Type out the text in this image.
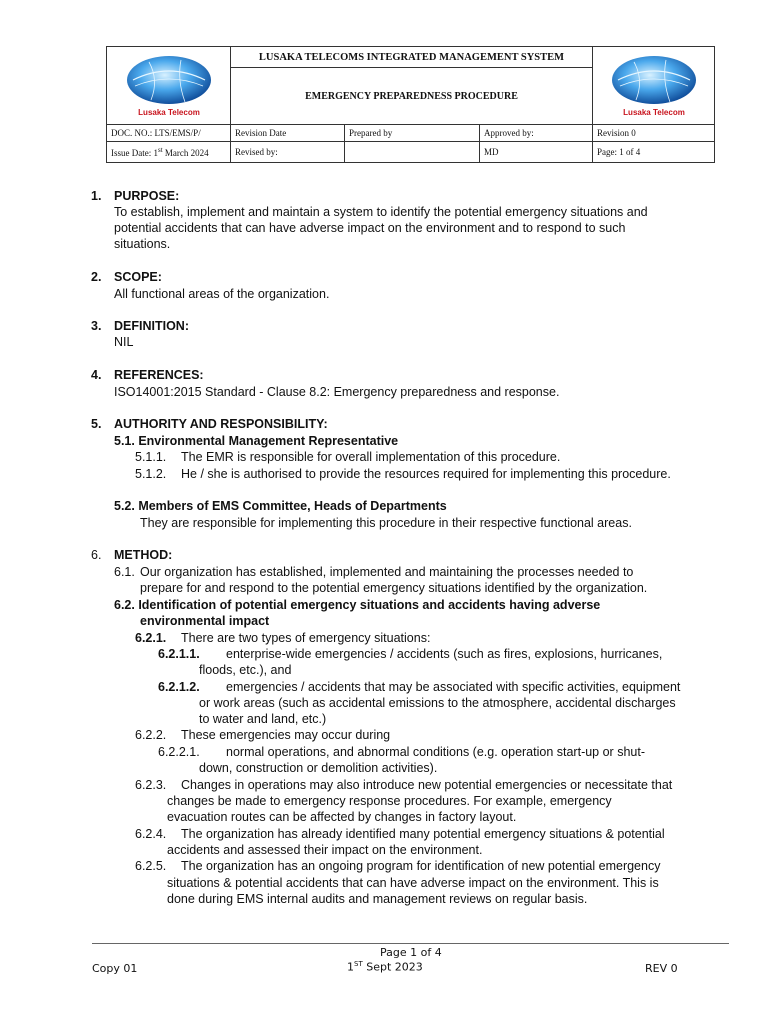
Lusaka Telecom	LUSAKA TELECOMS INTEGRATED MANAGEMENT SYSTEM			Lusaka Telecom

	EMERGENCY PREPAREDNESS PROCEDURE			
DOC. NO.: LTS/EMS/P/	Revision Date	Prepared by	Approved by:	Revision 0
Issue Date: 1st March 2024	Revised by:		MD	Page: 1 of 4
1. PURPOSE:
To establish, implement and maintain a system to identify the potential emergency situations and
potential accidents that can have adverse impact on the environment and to respond to such
situations.
2. SCOPE:
All functional areas of the organization.
3. DEFINITION:
NIL
4. REFERENCES:
ISO14001:2015 Standard - Clause 8.2: Emergency preparedness and response.
5. AUTHORITY AND RESPONSIBILITY:
5.1. Environmental Management Representative
5.1.1. The EMR is responsible for overall implementation of this procedure.
5.1.2. He / she is authorised to provide the resources required for implementing this procedure.
5.2. Members of EMS Committee, Heads of Departments
They are responsible for implementing this procedure in their respective functional areas.
6. METHOD:
6.1. Our organization has established, implemented and maintaining the processes needed to
prepare for and respond to the potential emergency situations identified by the organization.
6.2. Identification of potential emergency situations and accidents having adverse
environmental impact
6.2.1. There are two types of emergency situations:
6.2.1.1. enterprise-wide emergencies / accidents (such as fires, explosions, hurricanes,
floods, etc.), and
6.2.1.2. emergencies / accidents that may be associated with specific activities, equipment
or work areas (such as accidental emissions to the atmosphere, accidental discharges
to water and land, etc.)
6.2.2. These emergencies may occur during
6.2.2.1. normal operations, and abnormal conditions (e.g. operation start-up or shut-
down, construction or demolition activities).
6.2.3. Changes in operations may also introduce new potential emergencies or necessitate that
changes be made to emergency response procedures. For example, emergency
evacuation routes can be affected by changes in factory layout.
6.2.4. The organization has already identified many potential emergency situations & potential
accidents and assessed their impact on the environment.
6.2.5. The organization has an ongoing program for identification of new potential emergency
situations & potential accidents that can have adverse impact on the environment. This is
done during EMS internal audits and management reviews on regular basis.
Page 1 of 4
Copy 01	1ST Sept 2023	REV 0
